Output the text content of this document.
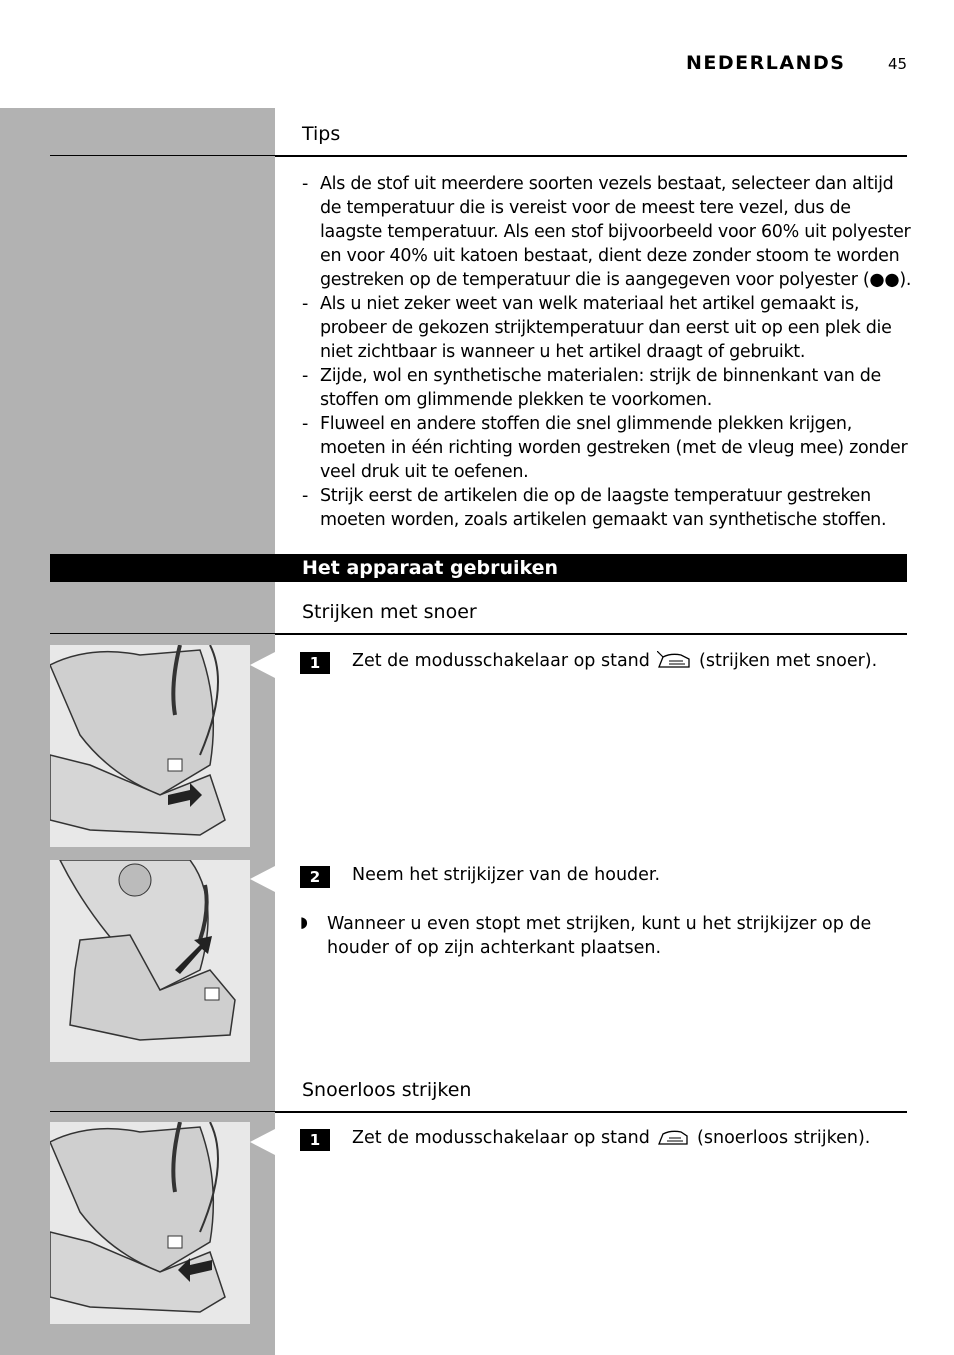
NEDERLANDS	45
Tips
- Als de stof uit meerdere soorten vezels bestaat, selecteer dan altijd de temperatuur die is vereist voor de meest tere vezel, dus de laagste temperatuur. Als een stof bijvoorbeeld voor 60% uit polyester en voor 40% uit katoen bestaat, dient deze zonder stoom te worden gestreken op de temperatuur die is aangegeven voor polyester (●●).
- Als u niet zeker weet van welk materiaal het artikel gemaakt is, probeer de gekozen strijktemperatuur dan eerst uit op een plek die niet zichtbaar is wanneer u het artikel draagt of gebruikt.
- Zijde, wol en synthetische materialen: strijk de binnenkant van de stoffen om glimmende plekken te voorkomen.
- Fluweel en andere stoffen die snel glimmende plekken krijgen, moeten in één richting worden gestreken (met de vleug mee) zonder veel druk uit te oefenen.
- Strijk eerst de artikelen die op de laagste temperatuur gestreken moeten worden, zoals artikelen gemaakt van synthetische stoffen.
Het apparaat gebruiken
Strijken met snoer
1	Zet de modusschakelaar op stand	(strijken met snoer).
2	Neem het strijkijzer van de houder.
◗ Wanneer u even stopt met strijken, kunt u het strijkijzer op de houder of op zijn achterkant plaatsen.
Snoerloos strijken
1	Zet de modusschakelaar op stand	(snoerloos strijken).
